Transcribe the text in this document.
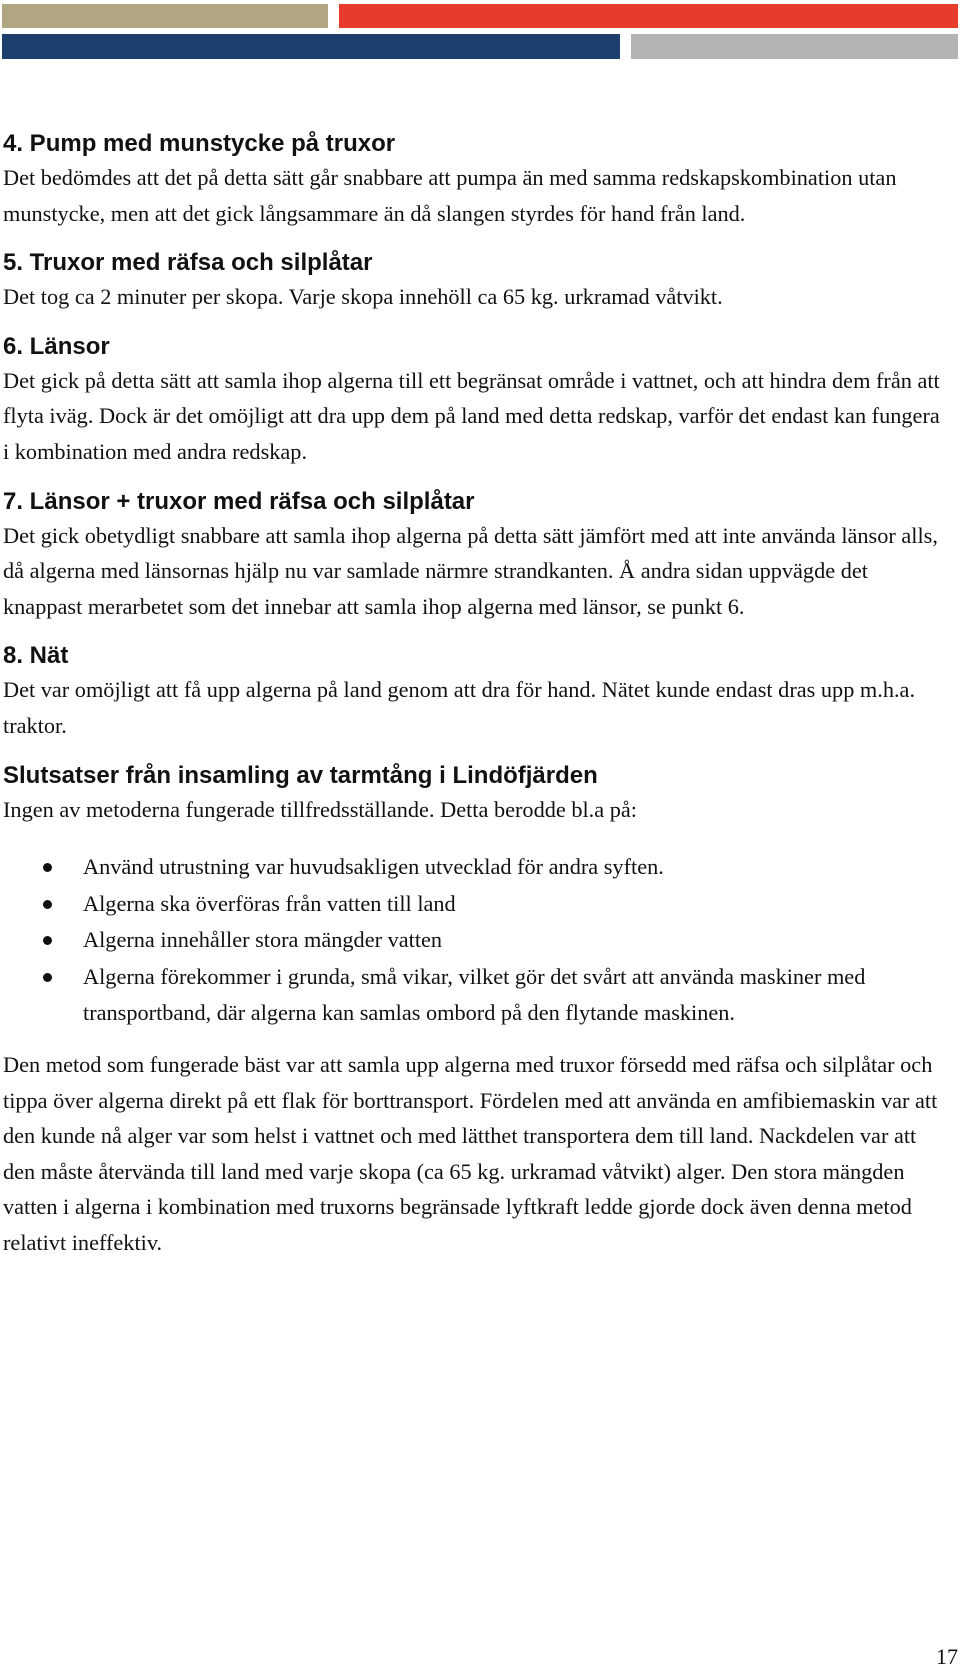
4. Pump med munstycke på truxor

Det bedömdes att det på detta sätt går snabbare att pumpa än med samma redskapskombination utan munstycke, men att det gick långsammare än då slangen styrdes för hand från land.

5. Truxor med räfsa och silplåtar

Det tog ca 2 minuter per skopa. Varje skopa innehöll ca 65 kg. urkramad våtvikt.

6. Länsor

Det gick på detta sätt att samla ihop algerna till ett begränsat område i vattnet, och att hindra dem från att flyta iväg. Dock är det omöjligt att dra upp dem på land med detta redskap, varför det endast kan fungera i kombination med andra redskap.

7. Länsor + truxor med räfsa och silplåtar

Det gick obetydligt snabbare att samla ihop algerna på detta sätt jämfört med att inte använda länsor alls, då algerna med länsornas hjälp nu var samlade närmre strandkanten. Å andra sidan uppvägde det knappast merarbetet som det innebar att samla ihop algerna med länsor, se punkt 6.

8. Nät

Det var omöjligt att få upp algerna på land genom att dra för hand. Nätet kunde endast dras upp m.h.a. traktor.

Slutsatser från insamling av tarmtång i Lindöfjärden

Ingen av metoderna fungerade tillfredsställande. Detta berodde bl.a på:

Använd utrustning var huvudsakligen utvecklad för andra syften.
Algerna ska överföras från vatten till land
Algerna innehåller stora mängder vatten
Algerna förekommer i grunda, små vikar, vilket gör det svårt att använda maskiner med transportband, där algerna kan samlas ombord på den flytande maskinen.

Den metod som fungerade bäst var att samla upp algerna med truxor försedd med räfsa och silplåtar och tippa över algerna direkt på ett flak för borttransport. Fördelen med att använda en amfibiemaskin var att den kunde nå alger var som helst i vattnet och med lätthet transportera dem till land. Nackdelen var att den måste återvända till land med varje skopa (ca 65 kg. urkramad våtvikt) alger. Den stora mängden vatten i algerna i kombination med truxorns begränsade lyftkraft ledde gjorde dock även denna metod relativt ineffektiv.

17
